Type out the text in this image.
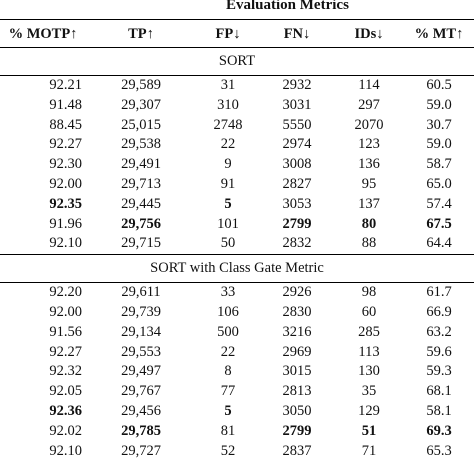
Evaluation Metrics
% MOTP↑	TP↑	FP↓	FN↓	IDs↓	% MT↑
SORT					
92.21	29,589	31	2932	114	60.5
91.48	29,307	310	3031	297	59.0
88.45	25,015	2748	5550	2070	30.7
92.27	29,538	22	2974	123	59.0
92.30	29,491	9	3008	136	58.7
92.00	29,713	91	2827	95	65.0
92.35	29,445	5	3053	137	57.4
91.96	29,756	101	2799	80	67.5
92.10	29,715	50	2832	88	64.4
SORT with Class Gate Metric					
92.20	29,611	33	2926	98	61.7
92.00	29,739	106	2830	60	66.9
91.56	29,134	500	3216	285	63.2
92.27	29,553	22	2969	113	59.6
92.32	29,497	8	3015	130	59.3
92.05	29,767	77	2813	35	68.1
92.36	29,456	5	3050	129	58.1
92.02	29,785	81	2799	51	69.3
92.10	29,727	52	2837	71	65.3
